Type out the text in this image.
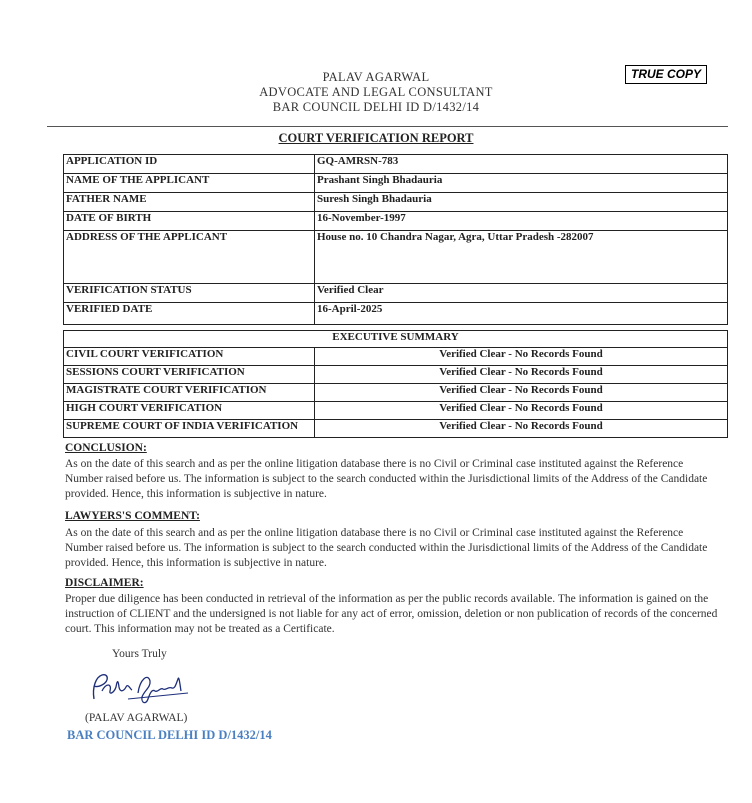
PALAV AGARWAL
ADVOCATE AND LEGAL CONSULTANT
BAR COUNCIL DELHI ID D/1432/14
TRUE COPY
COURT VERIFICATION REPORT
APPLICATION ID	GQ-AMRSN-783
NAME OF THE APPLICANT	Prashant Singh Bhadauria
FATHER NAME	Suresh Singh Bhadauria
DATE OF BIRTH	16-November-1997
ADDRESS OF THE APPLICANT	House no. 10 Chandra Nagar, Agra, Uttar Pradesh -282007
VERIFICATION STATUS	Verified Clear
VERIFIED DATE	16-April-2025
EXECUTIVE SUMMARY	
CIVIL COURT VERIFICATION	Verified Clear - No Records Found
SESSIONS COURT VERIFICATION	Verified Clear - No Records Found
MAGISTRATE COURT VERIFICATION	Verified Clear - No Records Found
HIGH COURT VERIFICATION	Verified Clear - No Records Found
SUPREME COURT OF INDIA VERIFICATION	Verified Clear - No Records Found
CONCLUSION:
As on the date of this search and as per the online litigation database there is no Civil or Criminal case instituted against the Reference Number raised before us. The information is subject to the search conducted within the Jurisdictional limits of the Address of the Candidate provided. Hence, this information is subjective in nature.
LAWYERS'S COMMENT:
As on the date of this search and as per the online litigation database there is no Civil or Criminal case instituted against the Reference Number raised before us. The information is subject to the search conducted within the Jurisdictional limits of the Address of the Candidate provided. Hence, this information is subjective in nature.
DISCLAIMER:
Proper due diligence has been conducted in retrieval of the information as per the public records available. The information is gained on the instruction of CLIENT and the undersigned is not liable for any act of error, omission, deletion or non publication of records of the concerned court. This information may not be treated as a Certificate.
Yours Truly
(PALAV AGARWAL)
BAR COUNCIL DELHI ID D/1432/14
